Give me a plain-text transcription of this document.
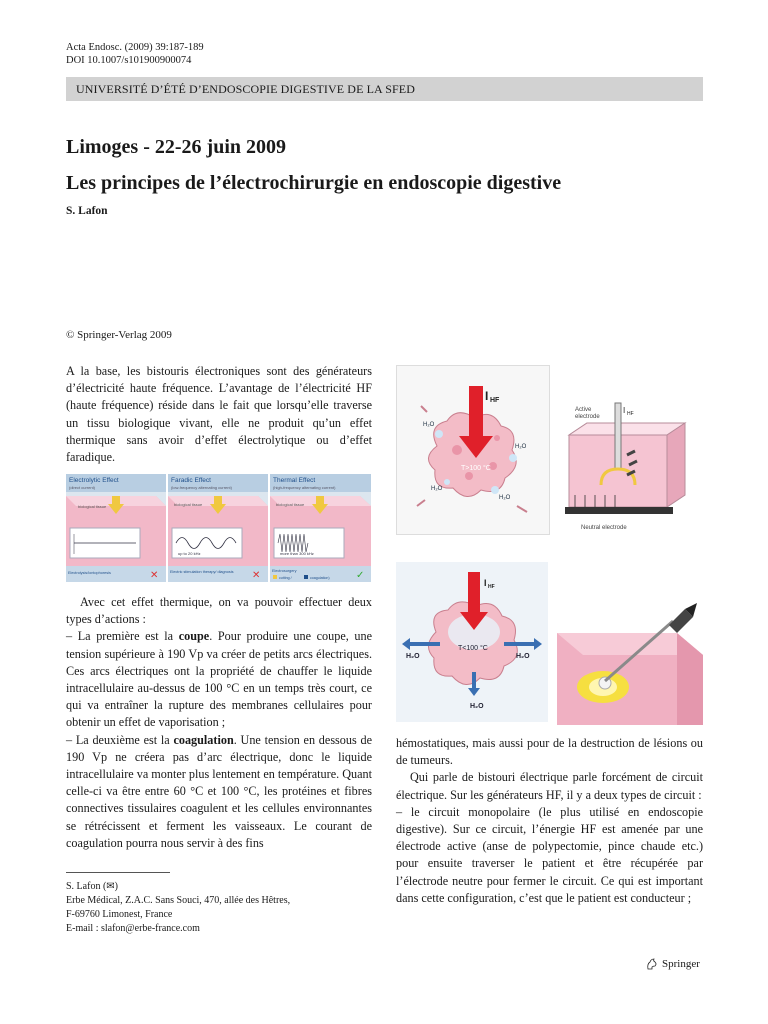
Acta Endosc. (2009) 39:187-189
DOI 10.1007/s101900900074
UNIVERSITÉ D’ÉTÉ D’ENDOSCOPIE DIGESTIVE DE LA SFED
Limoges - 22-26 juin 2009
Les principes de l’électrochirurgie en endoscopie digestive
S. Lafon
© Springer-Verlag 2009

A la base, les bistouris électroniques sont des générateurs d’électricité haute fréquence. L’avantage de l’électricité HF (haute fréquence) réside dans le fait que lorsqu’elle traverse un tissu biologique vivant, elle ne produit qu’un effet thermique sans avoir d’effet électrolytique ou d’effet faradique.

Electrolytic Effect
(direct current)
biological tissue
Electrolysis/iontophoresis	✕
Faradic Effect
(low-frequency alternating current)
biological tissue
up to 20 kHz
Electric stimulation therapy/ diagnosis ✕
Thermal Effect
(high-frequency alternating current)
biological tissue
more than 300 kHz
Electrosurgery
cutting /	coagulation)	✓

Avec cet effet thermique, on va pouvoir effectuer deux types d’actions :

– La première est la coupe. Pour produire une coupe, une tension supérieure à 190 Vp va créer de petits arcs électriques. Ces arcs électriques ont la propriété de chauffer le liquide intracellulaire au-dessus de 100 °C en un temps très court, ce qui va entraîner la rupture des membranes cellulaires pour obtenir un effet de vaporisation ;

– La deuxième est la coagulation. Une tension en dessous de 190 Vp ne créera pas d’arc électrique, donc le liquide intracellulaire va monter plus lentement en température. Quant celle-ci va être entre 60 °C et 100 °C, les protéines et fibres connectives tissulaires coagulent et les cellules environnantes se rétrécissent et ferment les vaisseaux. Le courant de coagulation pourra nous servir à des fins

I HF
T>100 °C
H₂O
H₂O
H₂O
H₂O
Active
electrode
I HF
Neutral electrode
I HF
T<100 °C
H₂O	H₂O
H₂O

hémostatiques, mais aussi pour de la destruction de lésions ou de tumeurs.

Qui parle de bistouri électrique parle forcément de circuit électrique. Sur les générateurs HF, il y a deux types de circuit :

– le circuit monopolaire (le plus utilisé en endoscopie digestive). Sur ce circuit, l’énergie HF est amenée par une électrode active (anse de polypectomie, pince chaude etc.) pour ensuite traverser le patient et être récupérée par l’électrode neutre pour fermer le circuit. Ce qui est important dans cette configuration, c’est que le patient est conducteur ;

S. Lafon (✉)
Erbe Médical, Z.A.C. Sans Souci, 470, allée des Hêtres,
F-69760 Limonest, France
E-mail : slafon@erbe-france.com
Springer
